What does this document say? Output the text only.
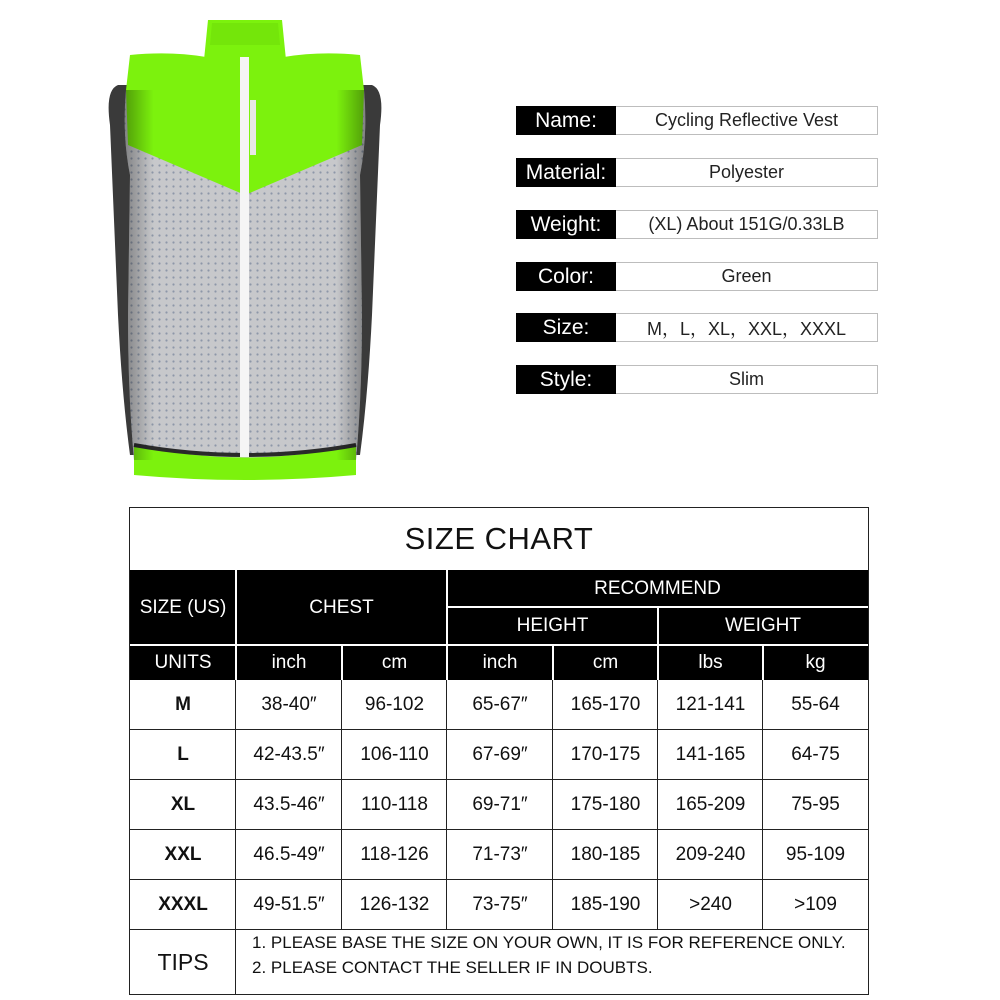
Name:	Cycling Reflective Vest
Material:	Polyester
Weight:	(XL) About 151G/0.33LB
Color:	Green
Size:	M，L，XL，XXL，XXXL
Style:	Slim
SIZE CHART
SIZE (US)	CHEST
RECOMMEND
HEIGHT	WEIGHT
UNITS	inch	cm	inch	cm	lbs	kg
M	38-40″	96-102	65-67″	165-170	121-141	55-64
L	42-43.5″	106-110	67-69″	170-175	141-165	64-75
XL	43.5-46″	110-118	69-71″	175-180	165-209	75-95
XXL	46.5-49″	118-126	71-73″	180-185	209-240	95-109
XXXL	49-51.5″	126-132	73-75″	185-190	>240	>109
TIPS
1. PLEASE BASE THE SIZE ON YOUR OWN, IT IS FOR REFERENCE ONLY.
2. PLEASE CONTACT THE SELLER IF IN DOUBTS.
